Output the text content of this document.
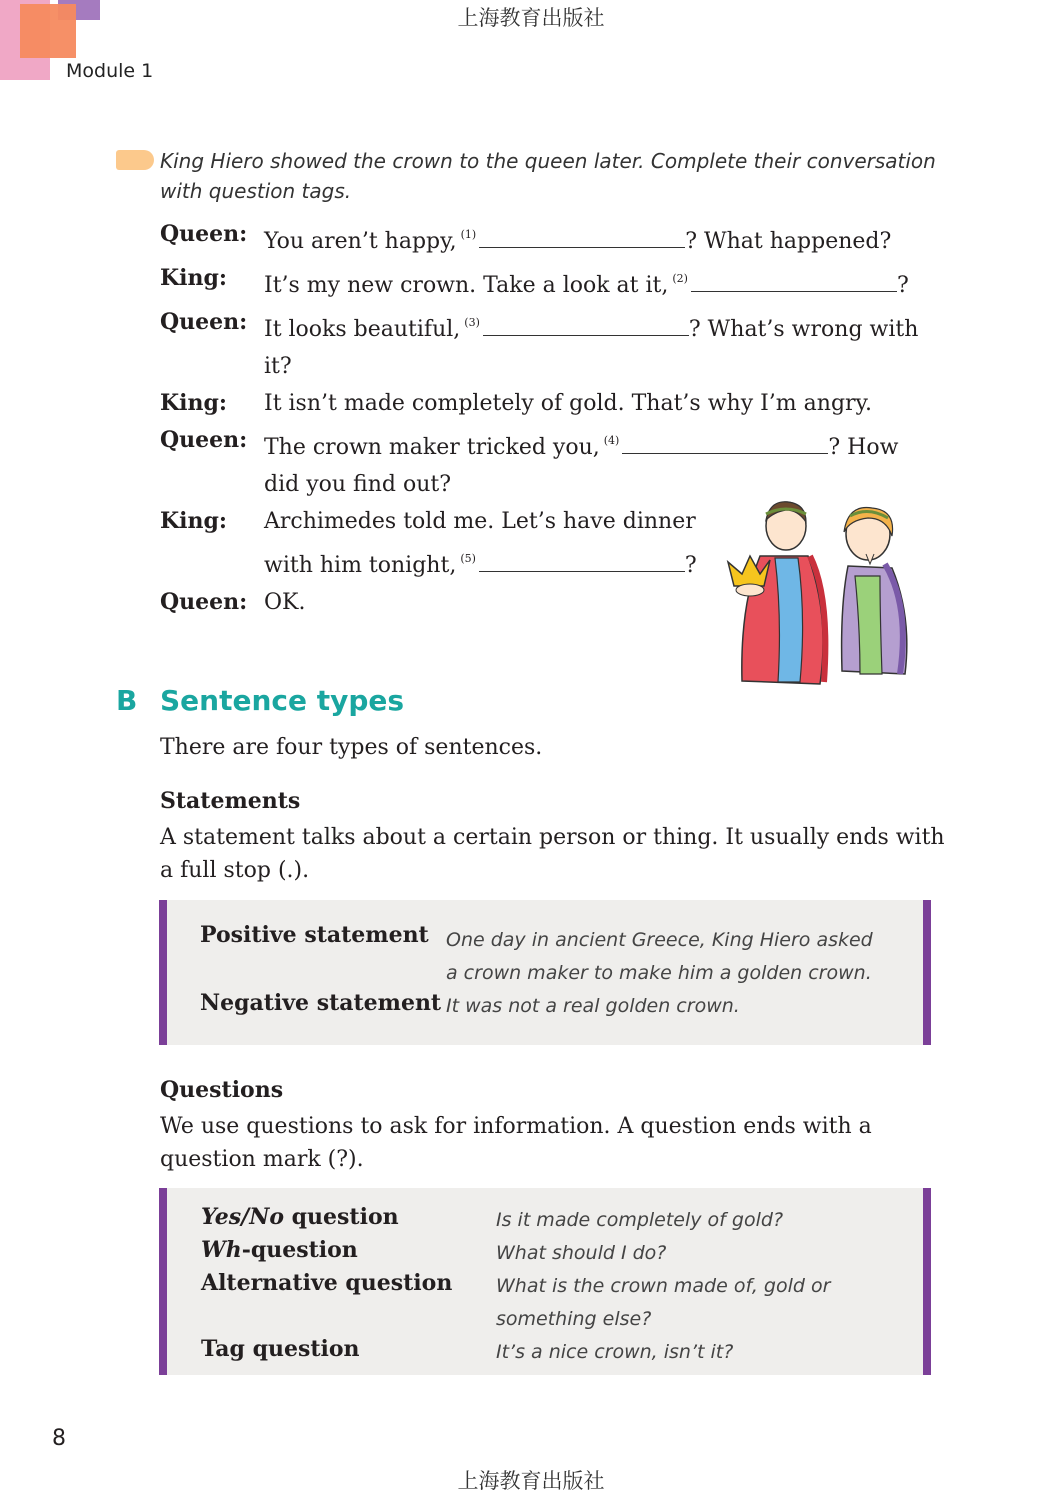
上海教育出版社
Module 1
King Hiero showed the crown to the queen later. Complete their conversation with question tags.
Queen: You aren’t happy, $^{(1)}$	? What happened?
King:	It’s my new crown. Take a look at it, $^{(2)}$	?
Queen: It looks beautiful, $^{(3)}$	? What’s wrong with
it?
King:	It isn’t made completely of gold. That’s why I’m angry.
Queen: The crown maker tricked you, $^{(4)}$	? How
did you find out?
King:	Archimedes told me. Let’s have dinner
with him tonight, $^{(5)}$	?
Queen: OK.
B Sentence types
There are four types of sentences.
Statements
A statement talks about a certain person or thing. It usually ends with a full stop (.).
Positive statement One day in ancient Greece, King Hiero asked a crown maker to make him a golden crown.
Negative statement It was not a real golden crown.
Questions
We use questions to ask for information. A question ends with a question mark (?).
Yes/No question	Is it made completely of gold?
Wh-question	What should I do?
Alternative question What is the crown made of, gold or something else?
Tag question	It’s a nice crown, isn’t it?
8
上海教育出版社
